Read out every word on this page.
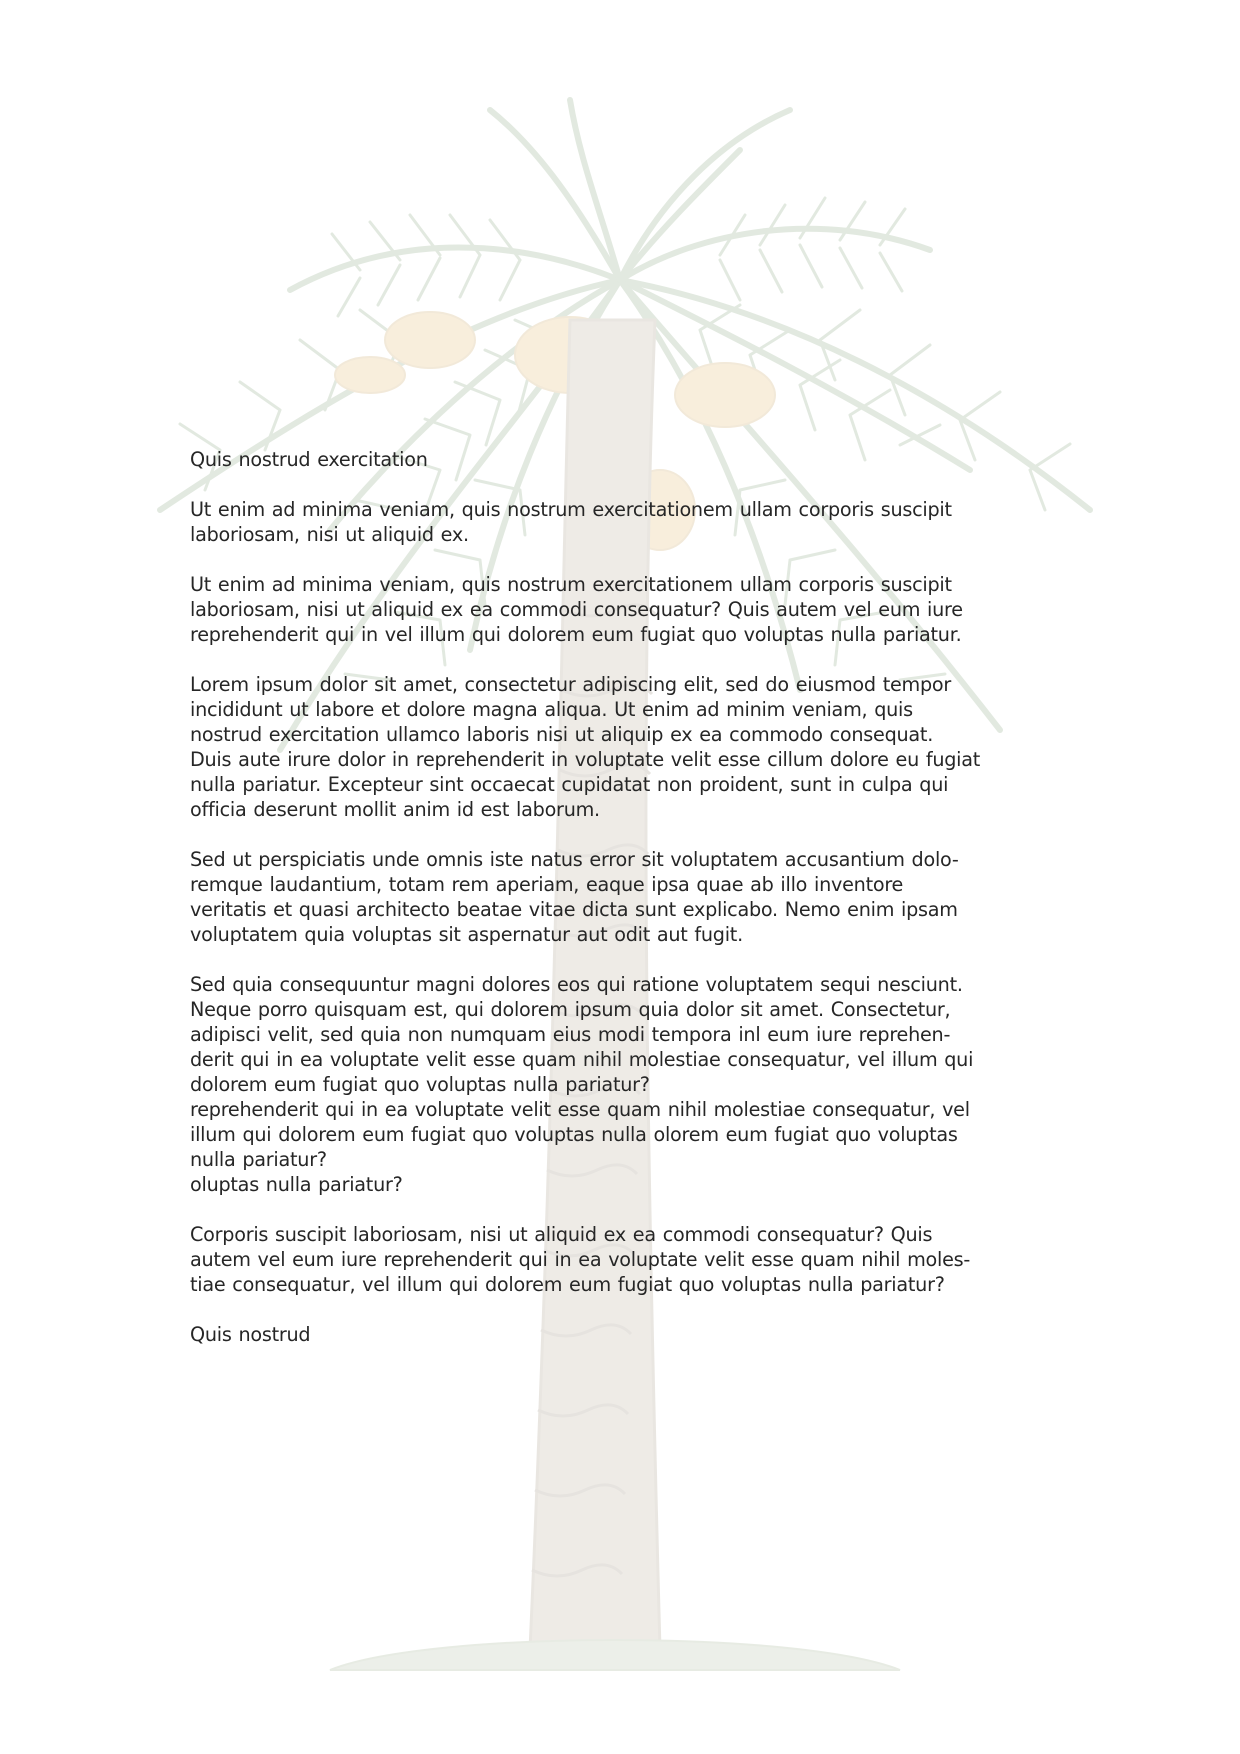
Quis nostrud exercitation

Ut enim ad minima veniam, quis nostrum exercitationem ullam corporis suscipit
laboriosam, nisi ut aliquid ex.

Ut enim ad minima veniam, quis nostrum exercitationem ullam corporis suscipit
laboriosam, nisi ut aliquid ex ea commodi consequatur? Quis autem vel eum iure
reprehenderit qui in vel illum qui dolorem eum fugiat quo voluptas nulla pariatur.

Lorem ipsum dolor sit amet, consectetur adipiscing elit, sed do eiusmod tempor
incididunt ut labore et dolore magna aliqua. Ut enim ad minim veniam, quis
nostrud exercitation ullamco laboris nisi ut aliquip ex ea commodo consequat.
Duis aute irure dolor in reprehenderit in voluptate velit esse cillum dolore eu fugiat
nulla pariatur. Excepteur sint occaecat cupidatat non proident, sunt in culpa qui
officia deserunt mollit anim id est laborum.

Sed ut perspiciatis unde omnis iste natus error sit voluptatem accusantium dolo-
remque laudantium, totam rem aperiam, eaque ipsa quae ab illo inventore
veritatis et quasi architecto beatae vitae dicta sunt explicabo. Nemo enim ipsam
voluptatem quia voluptas sit aspernatur aut odit aut fugit.

Sed quia consequuntur magni dolores eos qui ratione voluptatem sequi nesciunt.
Neque porro quisquam est, qui dolorem ipsum quia dolor sit amet. Consectetur,
adipisci velit, sed quia non numquam eius modi tempora inl eum iure reprehen-
derit qui in ea voluptate velit esse quam nihil molestiae consequatur, vel illum qui
dolorem eum fugiat quo voluptas nulla pariatur?
reprehenderit qui in ea voluptate velit esse quam nihil molestiae consequatur, vel
illum qui dolorem eum fugiat quo voluptas nulla olorem eum fugiat quo voluptas
nulla pariatur?
oluptas nulla pariatur?

Corporis suscipit laboriosam, nisi ut aliquid ex ea commodi consequatur? Quis
autem vel eum iure reprehenderit qui in ea voluptate velit esse quam nihil moles-
tiae consequatur, vel illum qui dolorem eum fugiat quo voluptas nulla pariatur?

Quis nostrud
